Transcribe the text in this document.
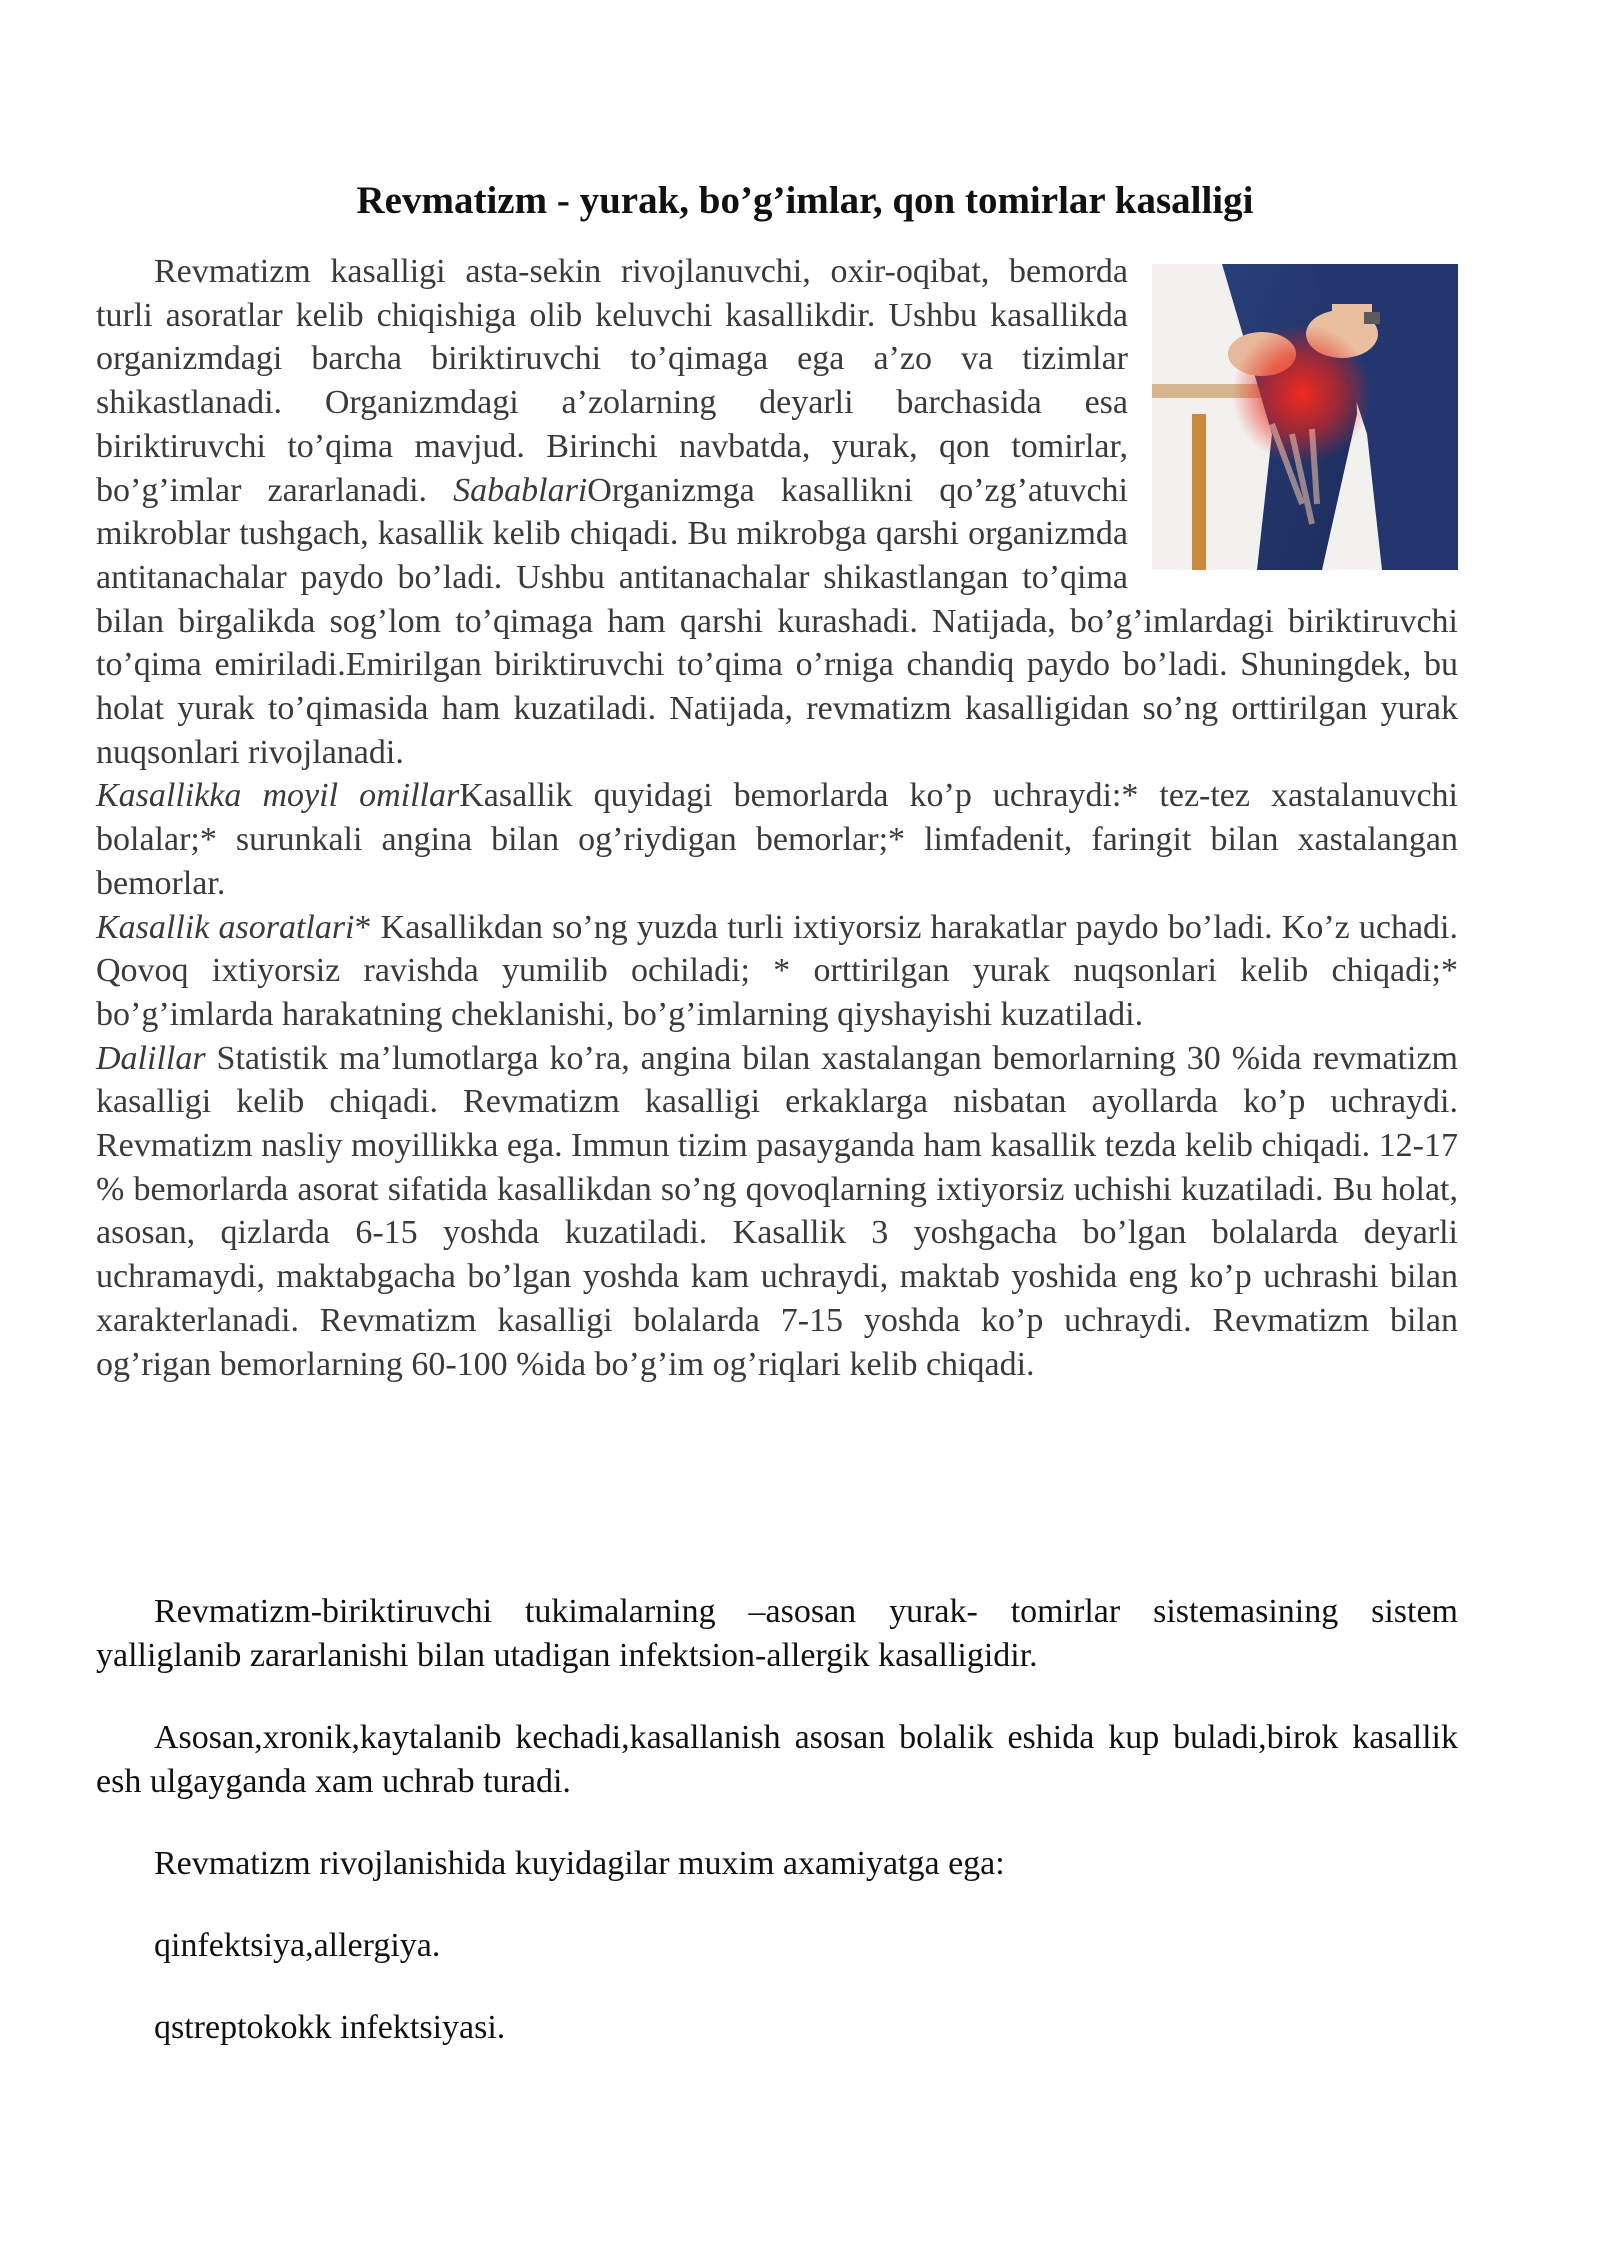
Revmatizm - yurak, bo’g’imlar, qon tomirlar kasalligi

Revmatizm kasalligi asta-sekin rivojlanuvchi, oxir-oqibat, bemorda turli asoratlar kelib chiqishiga olib keluvchi kasallikdir. Ushbu kasallikda organizmdagi barcha biriktiruvchi to’qimaga ega a’zo va tizimlar shikastlanadi. Organizmdagi a’zolarning deyarli barchasida esa biriktiruvchi to’qima mavjud. Birinchi navbatda, yurak, qon tomirlar, bo’g’imlar zararlanadi. SabablariOrganizmga kasallikni qo’zg’atuvchi mikroblar tushgach, kasallik kelib chiqadi. Bu mikrobga qarshi organizmda antitanachalar paydo bo’ladi. Ushbu antitanachalar shikastlangan to’qima bilan birgalikda sog’lom to’qimaga ham qarshi kurashadi. Natijada, bo’g’imlardagi biriktiruvchi to’qima emiriladi.Emirilgan biriktiruvchi to’qima o’rniga chandiq paydo bo’ladi. Shuningdek, bu holat yurak to’qimasida ham kuzatiladi. Natijada, revmatizm kasalligidan so’ng orttirilgan yurak nuqsonlari rivojlanadi.

Kasallikka moyil omillarKasallik quyidagi bemorlarda ko’p uchraydi:* tez-tez xastalanuvchi bolalar;* surunkali angina bilan og’riydigan bemorlar;* limfadenit, faringit bilan xastalangan bemorlar.
Kasallik asoratlari* Kasallikdan so’ng yuzda turli ixtiyorsiz harakatlar paydo bo’ladi. Ko’z uchadi. Qovoq ixtiyorsiz ravishda yumilib ochiladi; * orttirilgan yurak nuqsonlari kelib chiqadi;* bo’g’imlarda harakatning cheklanishi, bo’g’imlarning qiyshayishi kuzatiladi.
Dalillar Statistik ma’lumotlarga ko’ra, angina bilan xastalangan bemorlarning 30 %ida revmatizm kasalligi kelib chiqadi. Revmatizm kasalligi erkaklarga nisbatan ayollarda ko’p uchraydi. Revmatizm nasliy moyillikka ega. Immun tizim pasayganda ham kasallik tezda kelib chiqadi. 12-17 % bemorlarda asorat sifatida kasallikdan so’ng qovoqlarning ixtiyorsiz uchishi kuzatiladi. Bu holat, asosan, qizlarda 6-15 yoshda kuzatiladi. Kasallik 3 yoshgacha bo’lgan bolalarda deyarli uchramaydi, maktabgacha bo’lgan yoshda kam uchraydi, maktab yoshida eng ko’p uchrashi bilan xarakterlanadi. Revmatizm kasalligi bolalarda 7-15 yoshda ko’p uchraydi. Revmatizm bilan og’rigan bemorlarning 60-100 %ida bo’g’im og’riqlari kelib chiqadi.

Revmatizm-biriktiruvchi tukimalarning –asosan yurak- tomirlar sistemasining sistem yalliglanib zararlanishi bilan utadigan infektsion-allergik kasalligidir.

Asosan,xronik,kaytalanib kechadi,kasallanish asosan bolalik eshida kup buladi,birok kasallik esh ulgayganda xam uchrab turadi.

Revmatizm rivojlanishida kuyidagilar muxim axamiyatga ega:

qinfektsiya,allergiya.

qstreptokokk infektsiyasi.
